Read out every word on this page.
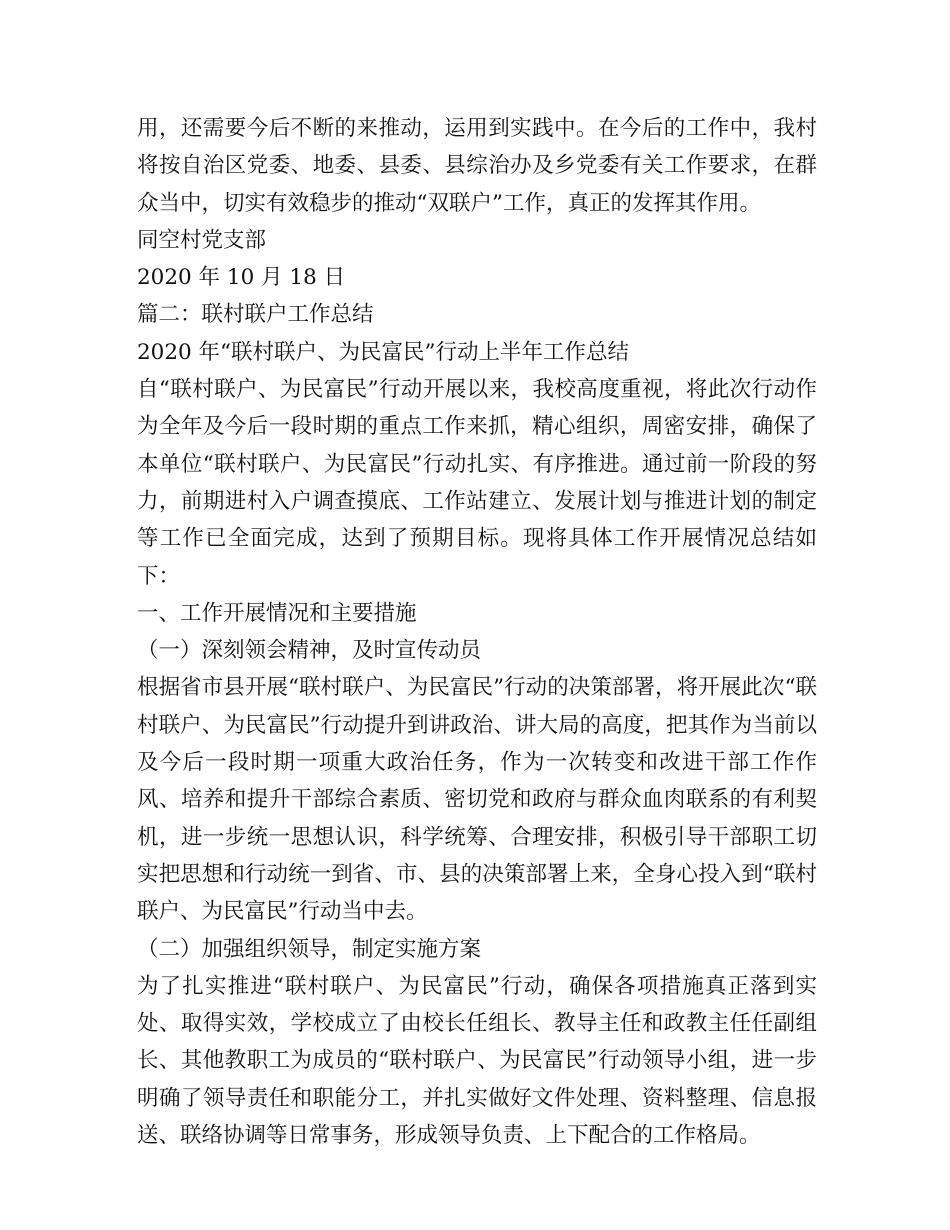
用，还需要今后不断的来推动，运用到实践中。在今后的工作中，我村将按自治区党委、地委、县委、县综治办及乡党委有关工作要求，在群众当中，切实有效稳步的推动“双联户”工作，真正的发挥其作用。

同空村党支部

2020 年 10 月 18 日

篇二：联村联户工作总结

2020 年“联村联户、为民富民”行动上半年工作总结

自“联村联户、为民富民”行动开展以来，我校高度重视，将此次行动作为全年及今后一段时期的重点工作来抓，精心组织，周密安排，确保了本单位“联村联户、为民富民”行动扎实、有序推进。通过前一阶段的努力，前期进村入户调查摸底、工作站建立、发展计划与推进计划的制定等工作已全面完成，达到了预期目标。现将具体工作开展情况总结如下：

一、工作开展情况和主要措施

（一）深刻领会精神，及时宣传动员

根据省市县开展“联村联户、为民富民”行动的决策部署，将开展此次“联村联户、为民富民”行动提升到讲政治、讲大局的高度，把其作为当前以及今后一段时期一项重大政治任务，作为一次转变和改进干部工作作风、培养和提升干部综合素质、密切党和政府与群众血肉联系的有利契机，进一步统一思想认识，科学统筹、合理安排，积极引导干部职工切实把思想和行动统一到省、市、县的决策部署上来，全身心投入到“联村联户、为民富民”行动当中去。

（二）加强组织领导，制定实施方案

为了扎实推进“联村联户、为民富民”行动，确保各项措施真正落到实处、取得实效，学校成立了由校长任组长、教导主任和政教主任任副组长、其他教职工为成员的“联村联户、为民富民”行动领导小组，进一步明确了领导责任和职能分工，并扎实做好文件处理、资料整理、信息报送、联络协调等日常事务，形成领导负责、上下配合的工作格局。
